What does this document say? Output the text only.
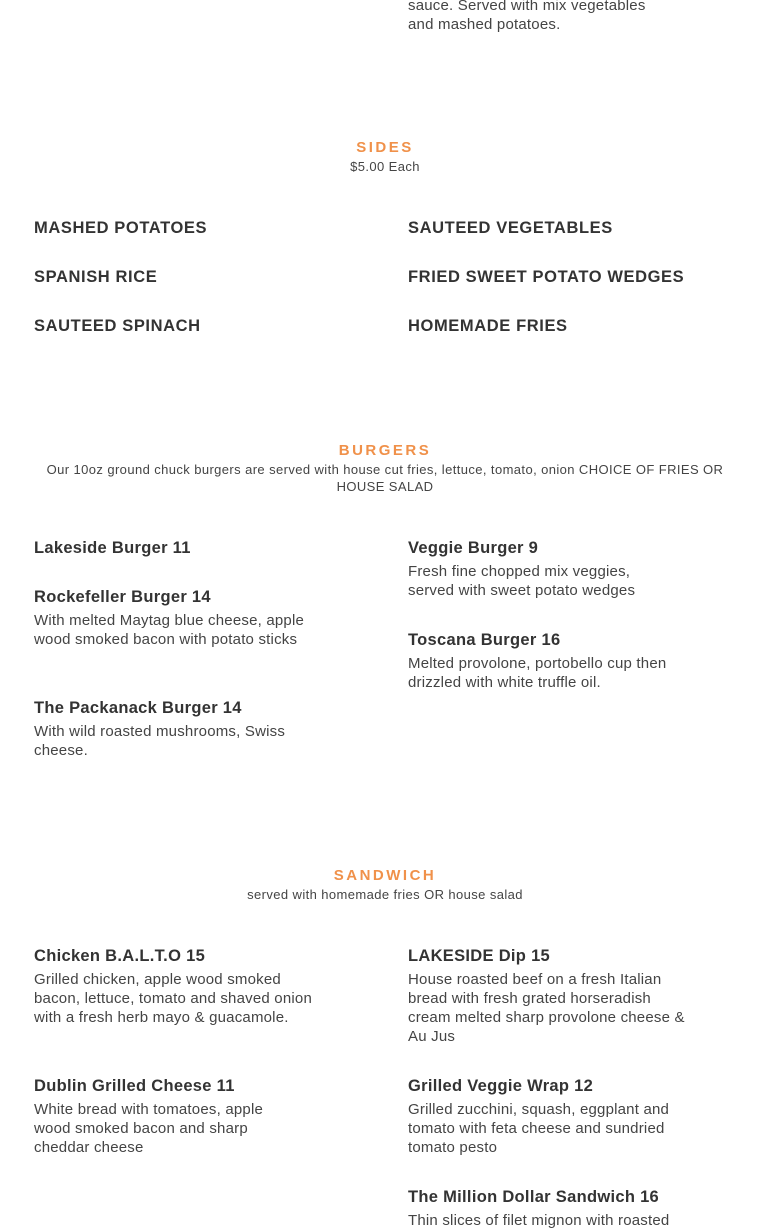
sauce. Served with mix vegetables
and mashed potatoes.
SIDES
$5.00 Each
MASHED POTATOES	SAUTEED VEGETABLES
SPANISH RICE	FRIED SWEET POTATO WEDGES
SAUTEED SPINACH	HOMEMADE FRIES
BURGERS
Our 10oz ground chuck burgers are served with house cut fries, lettuce, tomato, onion CHOICE OF FRIES OR HOUSE SALAD
Lakeside Burger 11	Veggie Burger 9
Fresh fine chopped mix veggies, served with sweet potato wedges
Rockefeller Burger 14
With melted Maytag blue cheese, apple wood smoked bacon with potato sticks	Toscana Burger 16
Melted provolone, portobello cup then drizzled with white truffle oil.
The Packanack Burger 14
With wild roasted mushrooms, Swiss cheese.
SANDWICH
served with homemade fries OR house salad
Chicken B.A.L.T.O 15
Grilled chicken, apple wood smoked bacon, lettuce, tomato and shaved onion with a fresh herb mayo & guacamole.
LAKESIDE Dip 15
House roasted beef on a fresh Italian bread with fresh grated horseradish cream melted sharp provolone cheese & Au Jus
Dublin Grilled Cheese 11
White bread with tomatoes, apple wood smoked bacon and sharp cheddar cheese
Grilled Veggie Wrap 12
Grilled zucchini, squash, eggplant and tomato with feta cheese and sundried tomato pesto
The Million Dollar Sandwich 16
Thin slices of filet mignon with roasted
